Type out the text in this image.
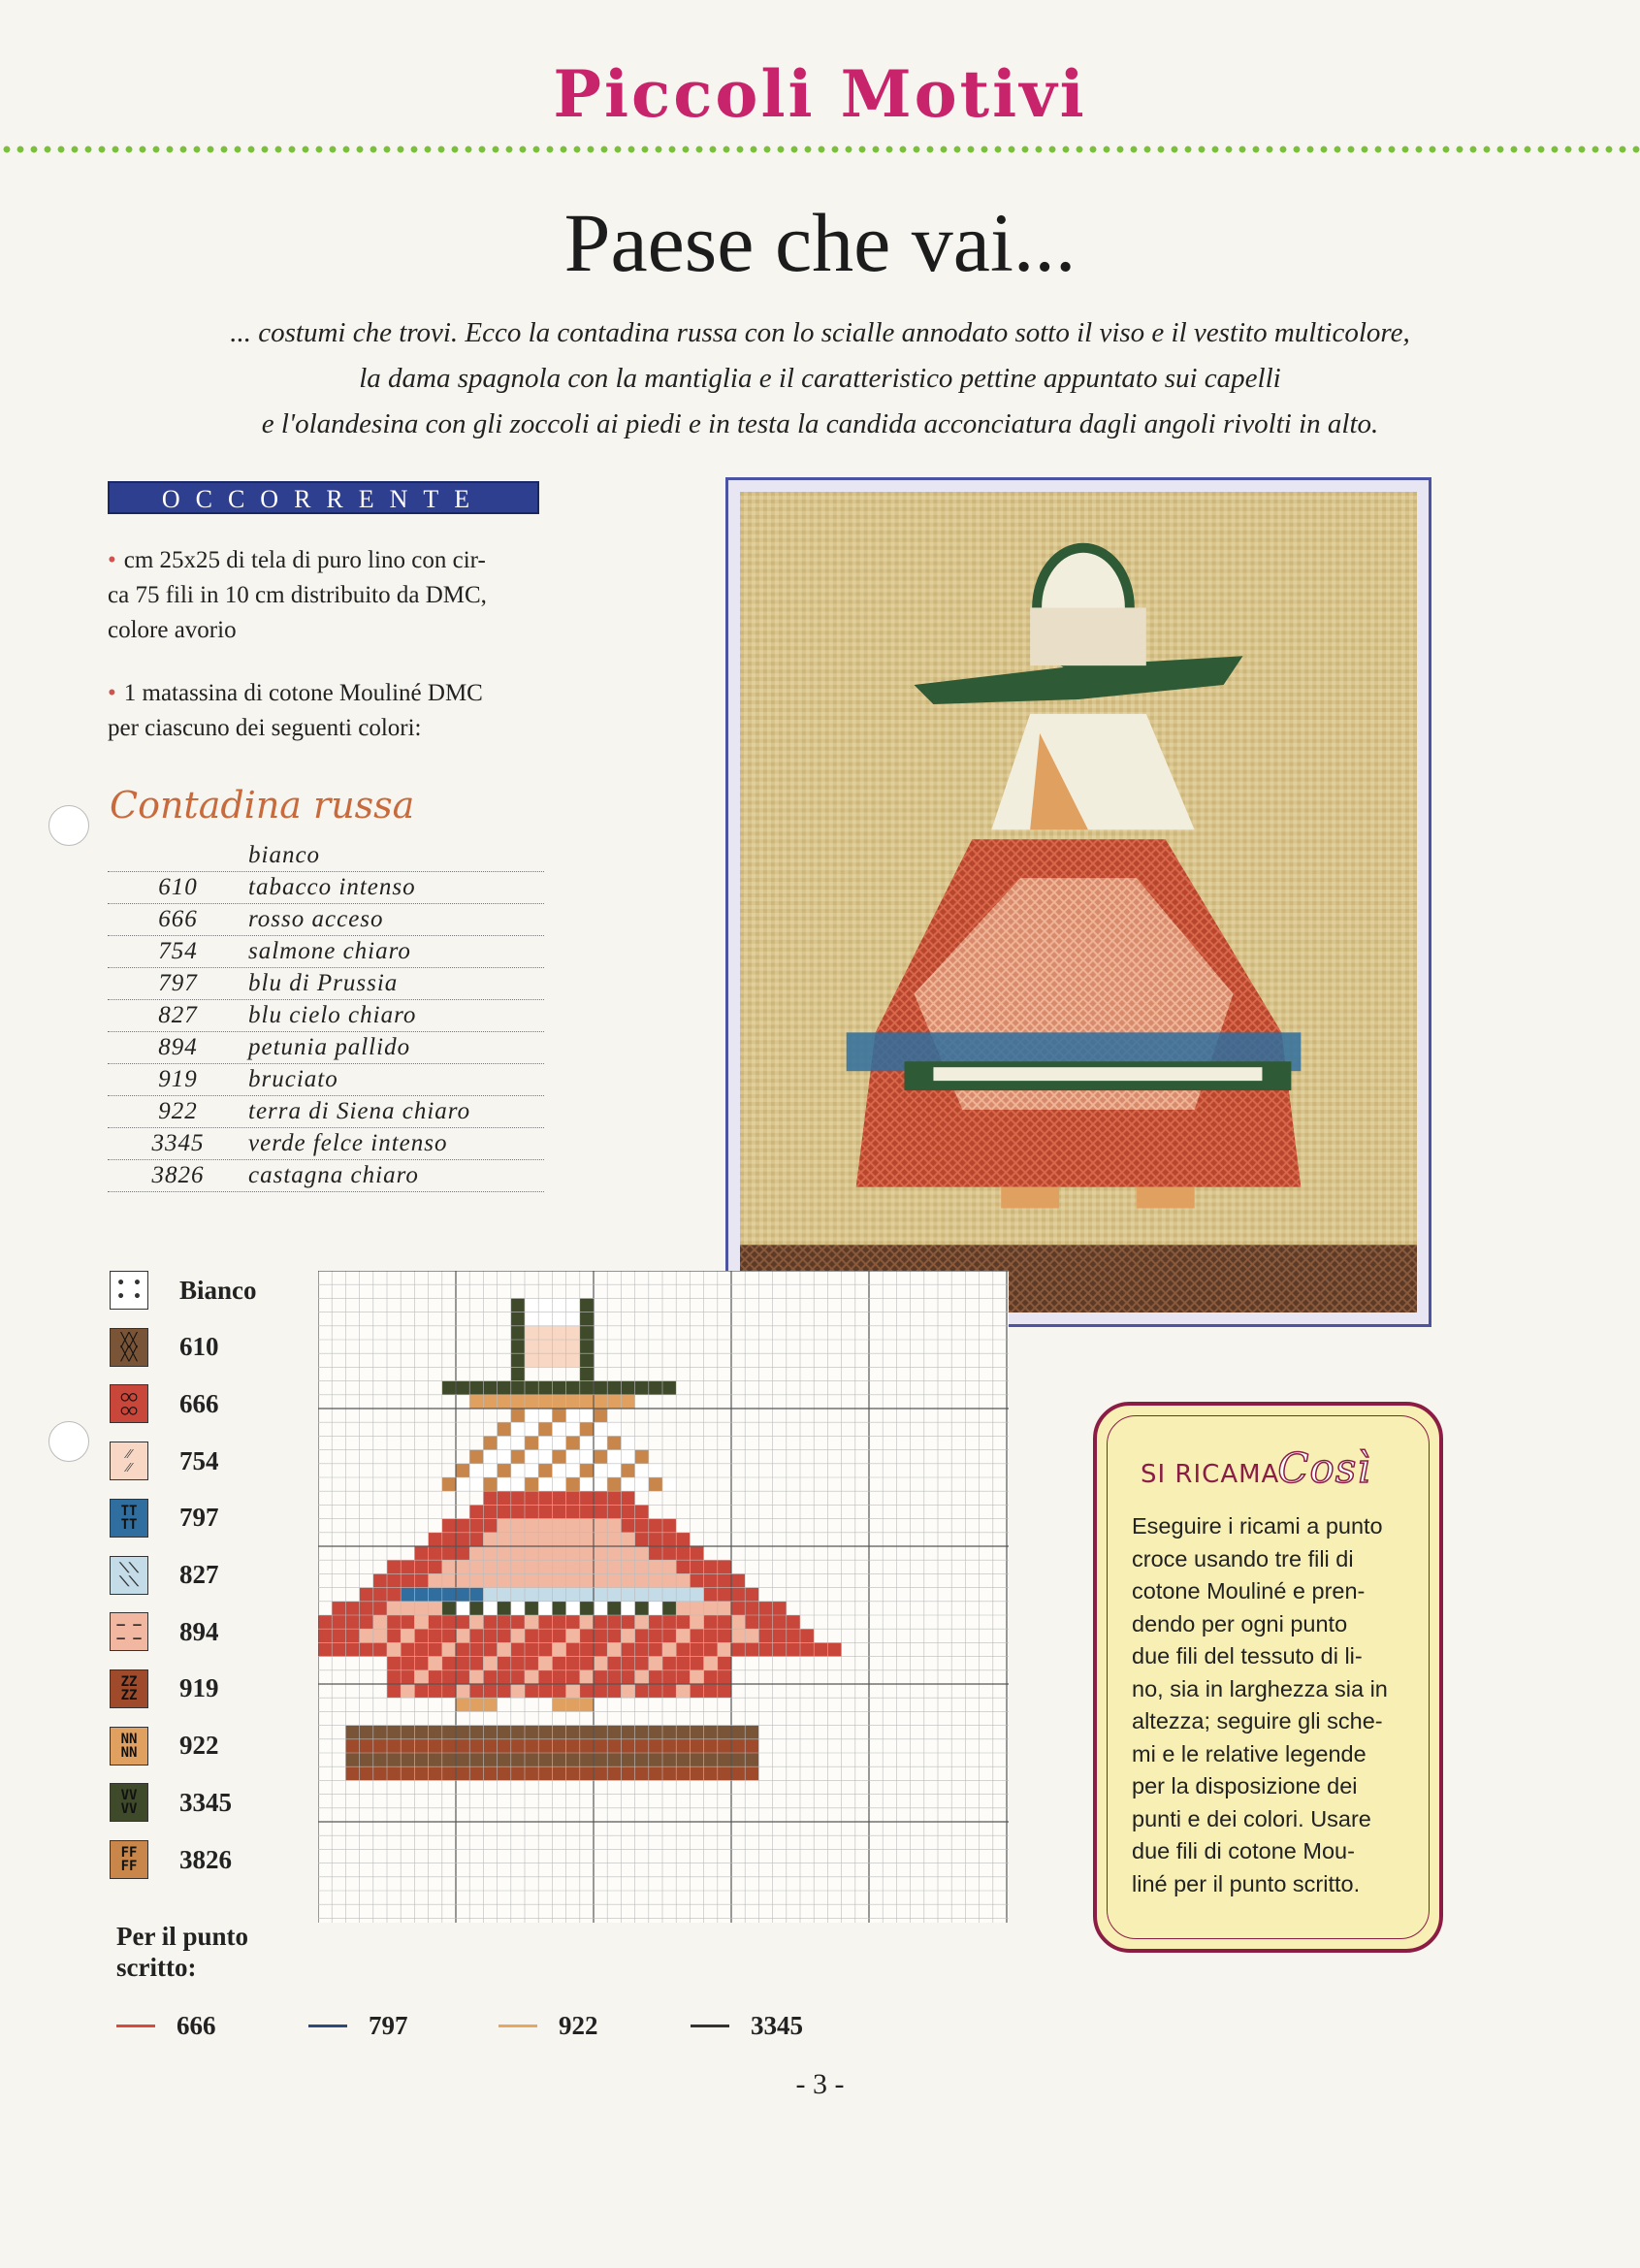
Piccoli Motivi
Paese che vai...
... costumi che trovi. Ecco la contadina russa con lo scialle annodato sotto il viso e il vestito multicolore,
la dama spagnola con la mantiglia e il caratteristico pettine appuntato sui capelli
e l'olandesina con gli zoccoli ai piedi e in testa la candida acconciatura dagli angoli rivolti in alto.
OCCORRENTE
• cm 25x25 di tela di puro lino con cir-
ca 75 fili in 10 cm distribuito da DMC,
colore avorio
• 1 matassina di cotone Mouliné DMC
per ciascuno dei seguenti colori:
Contadina russa
bianco
610	tabacco intenso
666	rosso acceso
754	salmone chiaro
797	blu di Prussia
827	blu cielo chiaro
894	petunia pallido
919	bruciato
922	terra di Siena chiaro
3345	verde felce intenso
3826	castagna chiaro
• •
• • Bianco
╳╳
╳╳	610
○○
○○	666
⁄⁄
⁄⁄	754
TT
TT	797
⟍⟍
⟍⟍	827
– –
– – 894
ZZ
ZZ	919
NN
NN	922
VV
VV	3345
FF
FF	3826
Per il punto
scritto:
666	797	922	3345
SI RICAMACosì
Eseguire i ricami a punto
croce usando tre fili di
cotone Mouliné e pren-
dendo per ogni punto
due fili del tessuto di li-
no, sia in larghezza sia in
altezza; seguire gli sche-
mi e le relative legende
per la disposizione dei
punti e dei colori. Usare
due fili di cotone Mou-
liné per il punto scritto.
- 3 -
